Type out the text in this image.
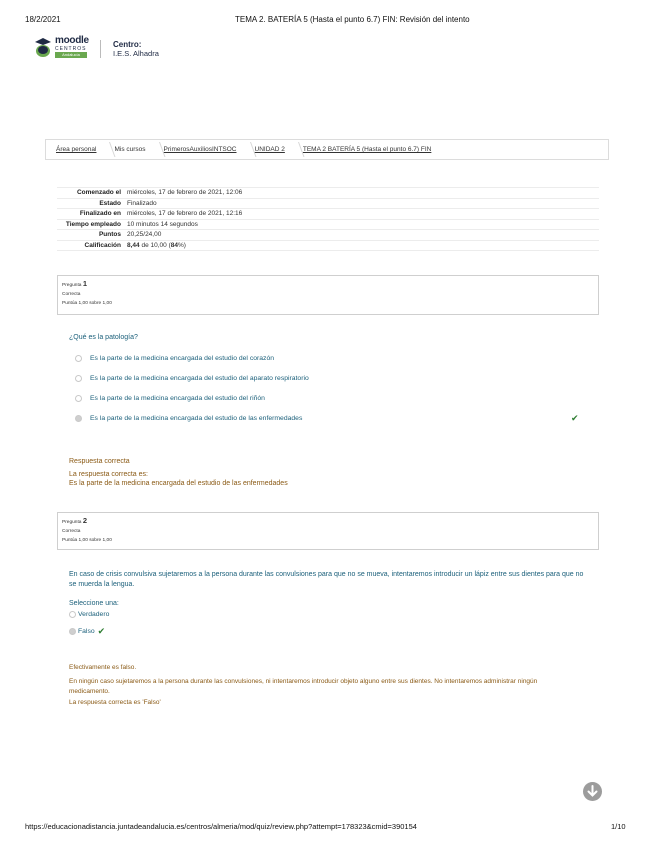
18/2/2021	TEMA 2. BATERÍA 5 (Hasta el punto 6.7) FIN: Revisión del intento
moodle
CENTROS
Andalucía
Centro:
I.E.S. Alhadra
Área personal	Mis cursos	PrimerosAuxiliosINTSOC	UNIDAD 2	TEMA 2 BATERÍA 5 (Hasta el punto 6.7) FIN
Comenzado el miércoles, 17 de febrero de 2021, 12:06
Estado Finalizado
Finalizado en miércoles, 17 de febrero de 2021, 12:16
Tiempo empleado 10 minutos 14 segundos
Puntos 20,25/24,00
Calificación 8,44 de 10,00 (84%)
Pregunta 1
Correcta
Puntúa 1,00 sobre 1,00
¿Qué es la patología?
Es la parte de la medicina encargada del estudio del corazón
Es la parte de la medicina encargada del estudio del aparato respiratorio
Es la parte de la medicina encargada del estudio del riñón
Es la parte de la medicina encargada del estudio de las enfermedades	✔
Respuesta correcta
La respuesta correcta es:
Es la parte de la medicina encargada del estudio de las enfermedades
Pregunta 2
Correcta
Puntúa 1,00 sobre 1,00
En caso de crisis convulsiva sujetaremos a la persona durante las convulsiones para que no se mueva, intentaremos introducir un lápiz entre sus dientes para que no se muerda la lengua.
Seleccione una:
Verdadero
Falso ✔
Efectivamente es falso.
En ningún caso sujetaremos a la persona durante las convulsiones, ni intentaremos introducir objeto alguno entre sus dientes. No intentaremos administrar ningún medicamento.
La respuesta correcta es 'Falso'
https://educacionadistancia.juntadeandalucia.es/centros/almeria/mod/quiz/review.php?attempt=178323&cmid=390154	1/10
